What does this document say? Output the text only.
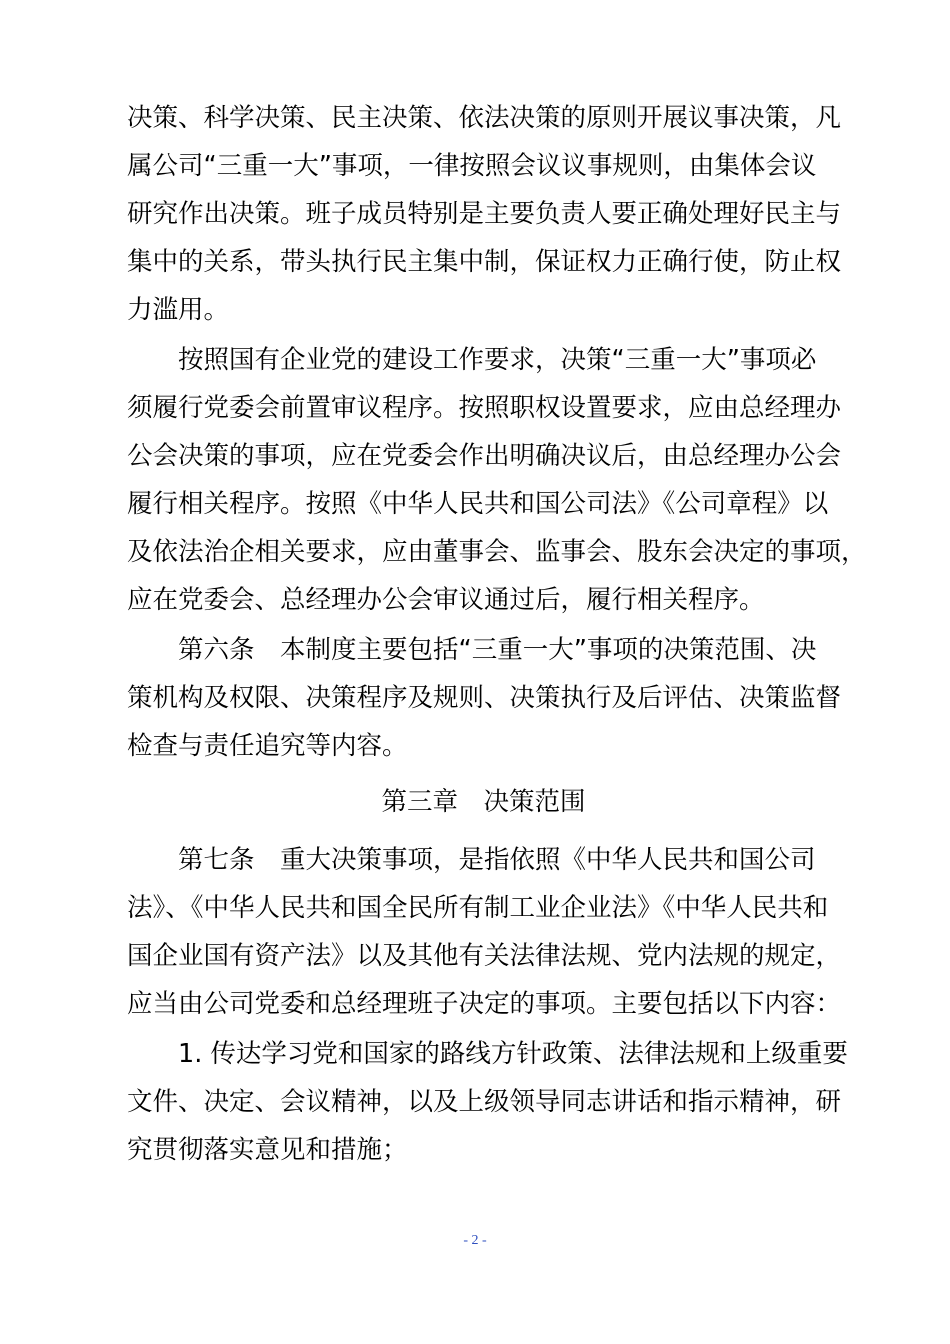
决策、科学决策、民主决策、依法决策的原则开展议事决策，凡
属公司“三重一大”事项，一律按照会议议事规则，由集体会议
研究作出决策。班子成员特别是主要负责人要正确处理好民主与
集中的关系，带头执行民主集中制，保证权力正确行使，防止权
力滥用。
按照国有企业党的建设工作要求，决策“三重一大”事项必
须履行党委会前置审议程序。按照职权设置要求，应由总经理办
公会决策的事项，应在党委会作出明确决议后，由总经理办公会
履行相关程序。按照《中华人民共和国公司法》《公司章程》以
及依法治企相关要求，应由董事会、监事会、股东会决定的事项，
应在党委会、总经理办公会审议通过后，履行相关程序。
第六条　本制度主要包括“三重一大”事项的决策范围、决
策机构及权限、决策程序及规则、决策执行及后评估、决策监督
检查与责任追究等内容。
第三章　决策范围
第七条　重大决策事项，是指依照《中华人民共和国公司
法》、《中华人民共和国全民所有制工业企业法》《中华人民共和
国企业国有资产法》以及其他有关法律法规、党内法规的规定，
应当由公司党委和总经理班子决定的事项。主要包括以下内容：
1. 传达学习党和国家的路线方针政策、法律法规和上级重要
文件、决定、会议精神，以及上级领导同志讲话和指示精神，研
究贯彻落实意见和措施；
- 2 -
